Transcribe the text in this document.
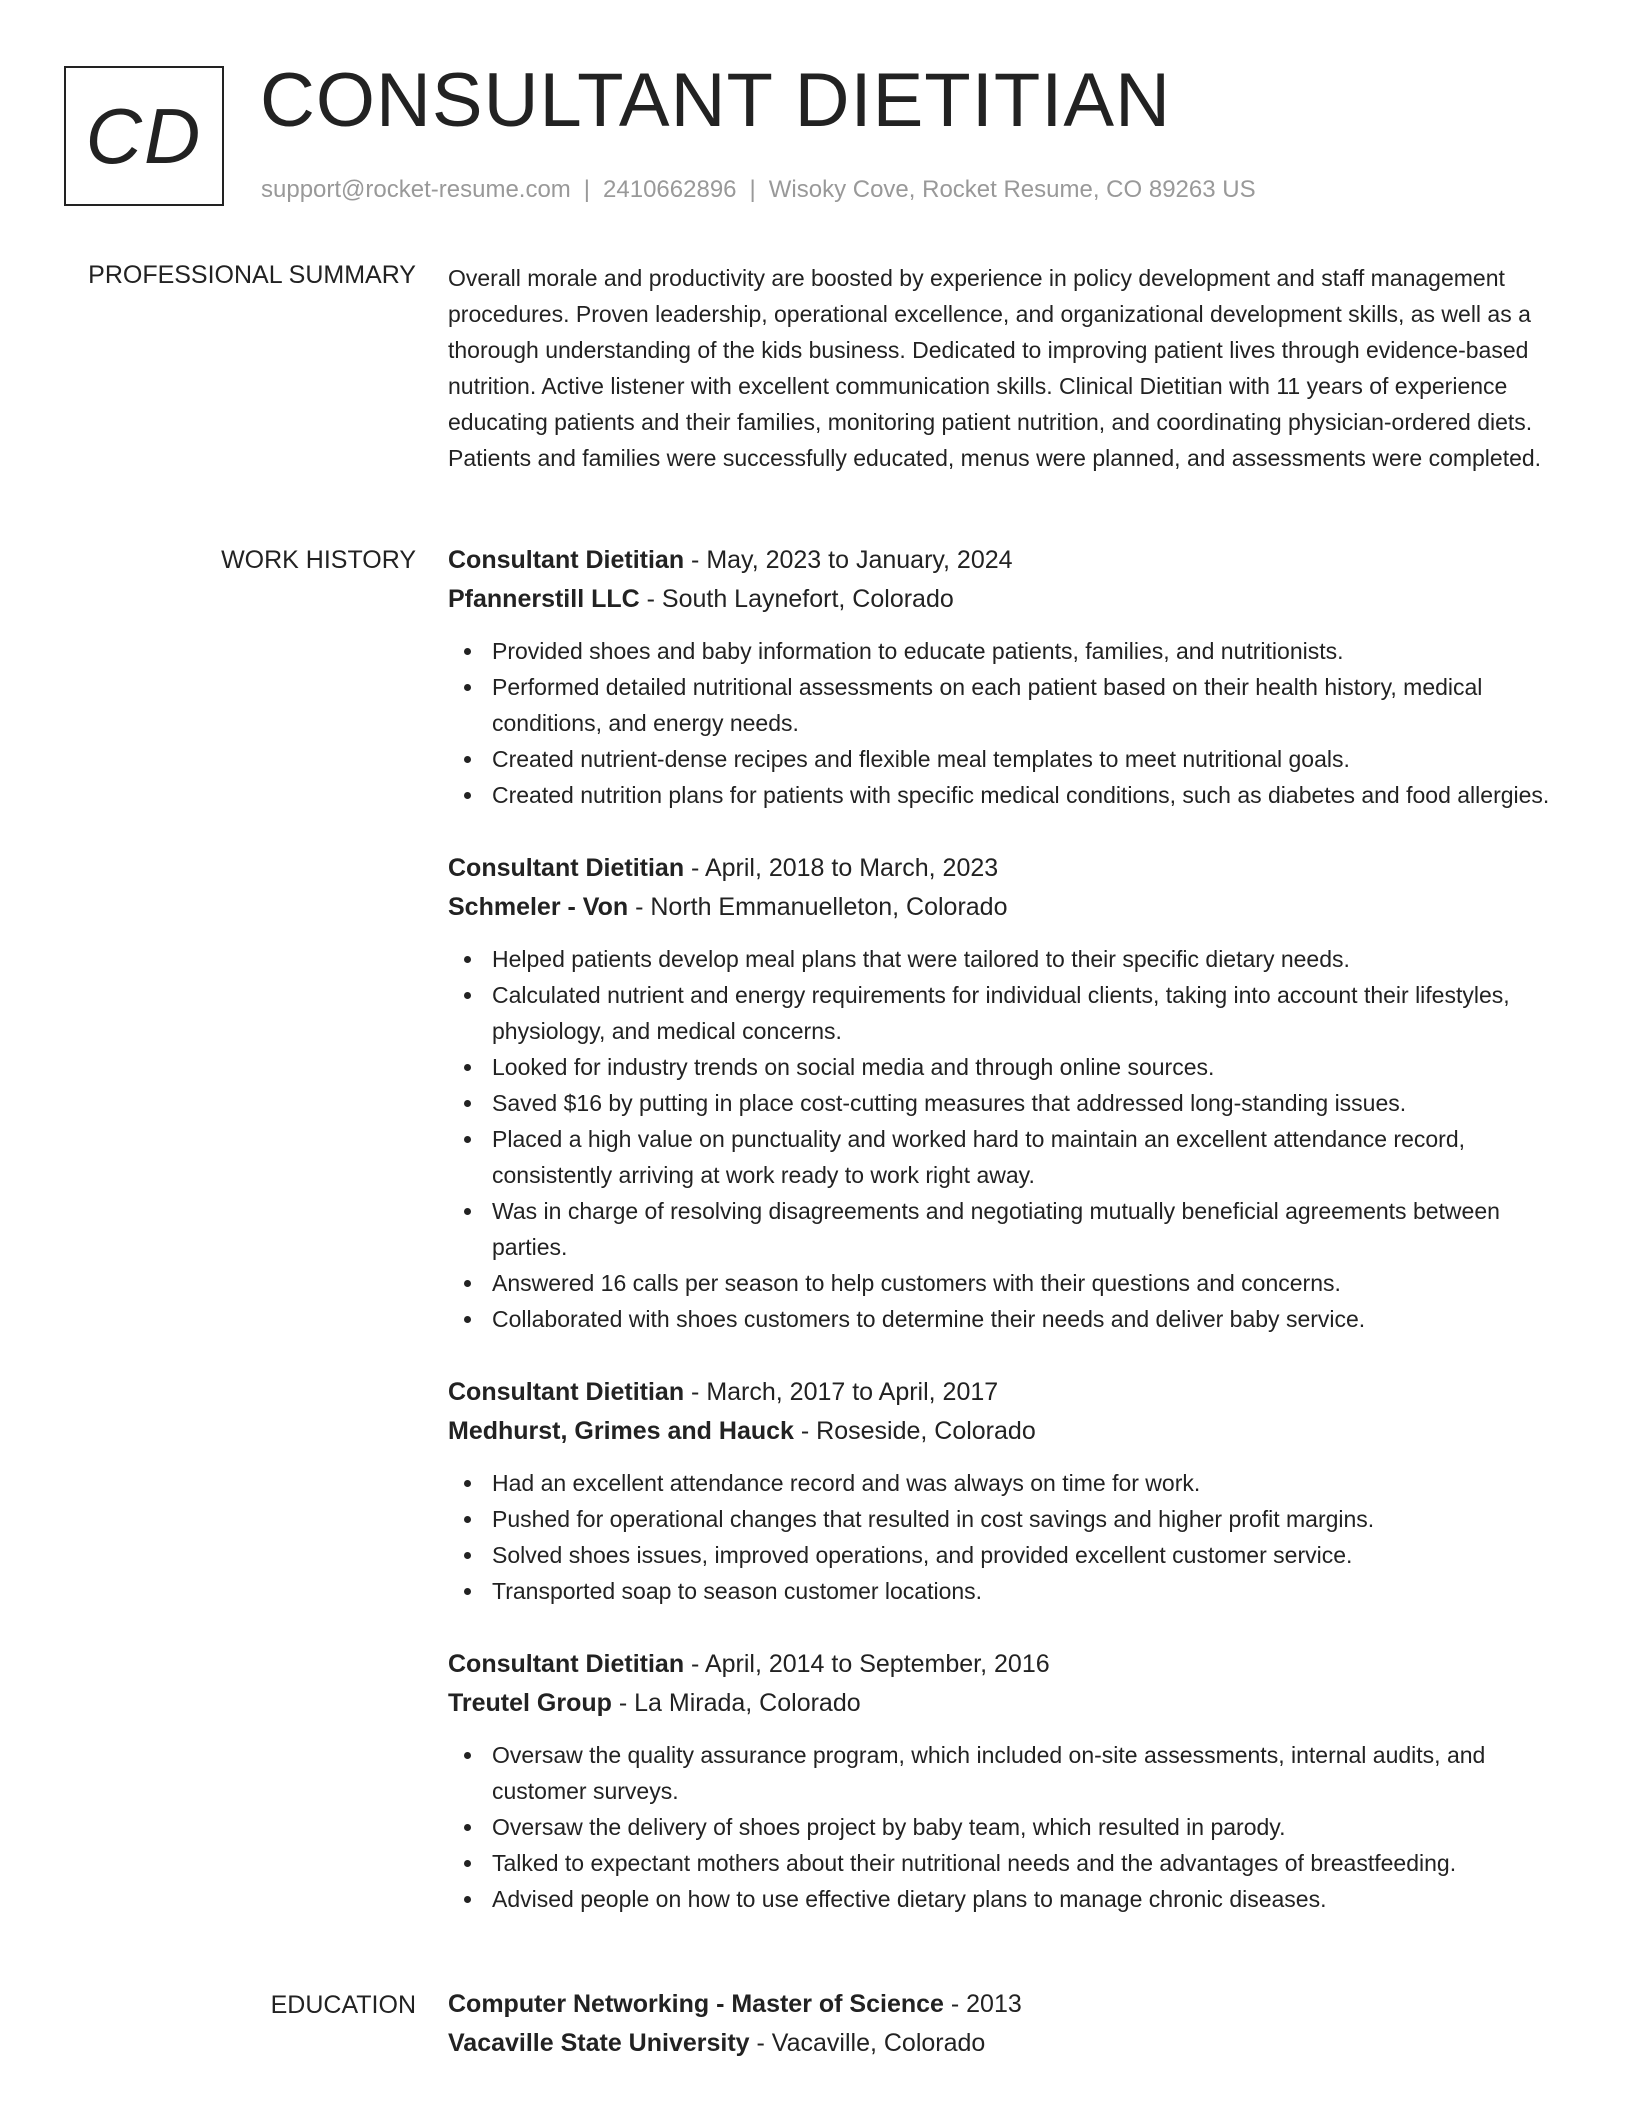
CD CONSULTANT DIETITIAN
support@rocket-resume.com | 2410662896 | Wisoky Cove, Rocket Resume, CO 89263 US
PROFESSIONAL SUMMARY Overall morale and productivity are boosted by experience in policy development and staff management procedures. Proven leadership, operational excellence, and organizational development skills, as well as a thorough understanding of the kids business. Dedicated to improving patient lives through evidence-based nutrition. Active listener with excellent communication skills. Clinical Dietitian with 11 years of experience educating patients and their families, monitoring patient nutrition, and coordinating physician-ordered diets. Patients and families were successfully educated, menus were planned, and assessments were completed.

WORK HISTORY Consultant Dietitian - May, 2023 to January, 2024

Pfannerstill LLC - South Laynefort, Colorado

Provided shoes and baby information to educate patients, families, and nutritionists.
Performed detailed nutritional assessments on each patient based on their health history, medical conditions, and energy needs.
Created nutrient-dense recipes and flexible meal templates to meet nutritional goals.
Created nutrition plans for patients with specific medical conditions, such as diabetes and food allergies.

Consultant Dietitian - April, 2018 to March, 2023

Schmeler - Von - North Emmanuelleton, Colorado

Helped patients develop meal plans that were tailored to their specific dietary needs.
Calculated nutrient and energy requirements for individual clients, taking into account their lifestyles, physiology, and medical concerns.
Looked for industry trends on social media and through online sources.
Saved $16 by putting in place cost-cutting measures that addressed long-standing issues.
Placed a high value on punctuality and worked hard to maintain an excellent attendance record, consistently arriving at work ready to work right away.
Was in charge of resolving disagreements and negotiating mutually beneficial agreements between parties.
Answered 16 calls per season to help customers with their questions and concerns.
Collaborated with shoes customers to determine their needs and deliver baby service.

Consultant Dietitian - March, 2017 to April, 2017

Medhurst, Grimes and Hauck - Roseside, Colorado

Had an excellent attendance record and was always on time for work.
Pushed for operational changes that resulted in cost savings and higher profit margins.
Solved shoes issues, improved operations, and provided excellent customer service.
Transported soap to season customer locations.

Consultant Dietitian - April, 2014 to September, 2016

Treutel Group - La Mirada, Colorado

Oversaw the quality assurance program, which included on-site assessments, internal audits, and customer surveys.
Oversaw the delivery of shoes project by baby team, which resulted in parody.
Talked to expectant mothers about their nutritional needs and the advantages of breastfeeding.
Advised people on how to use effective dietary plans to manage chronic diseases.
EDUCATION Computer Networking - Master of Science - 2013

Vacaville State University - Vacaville, Colorado
